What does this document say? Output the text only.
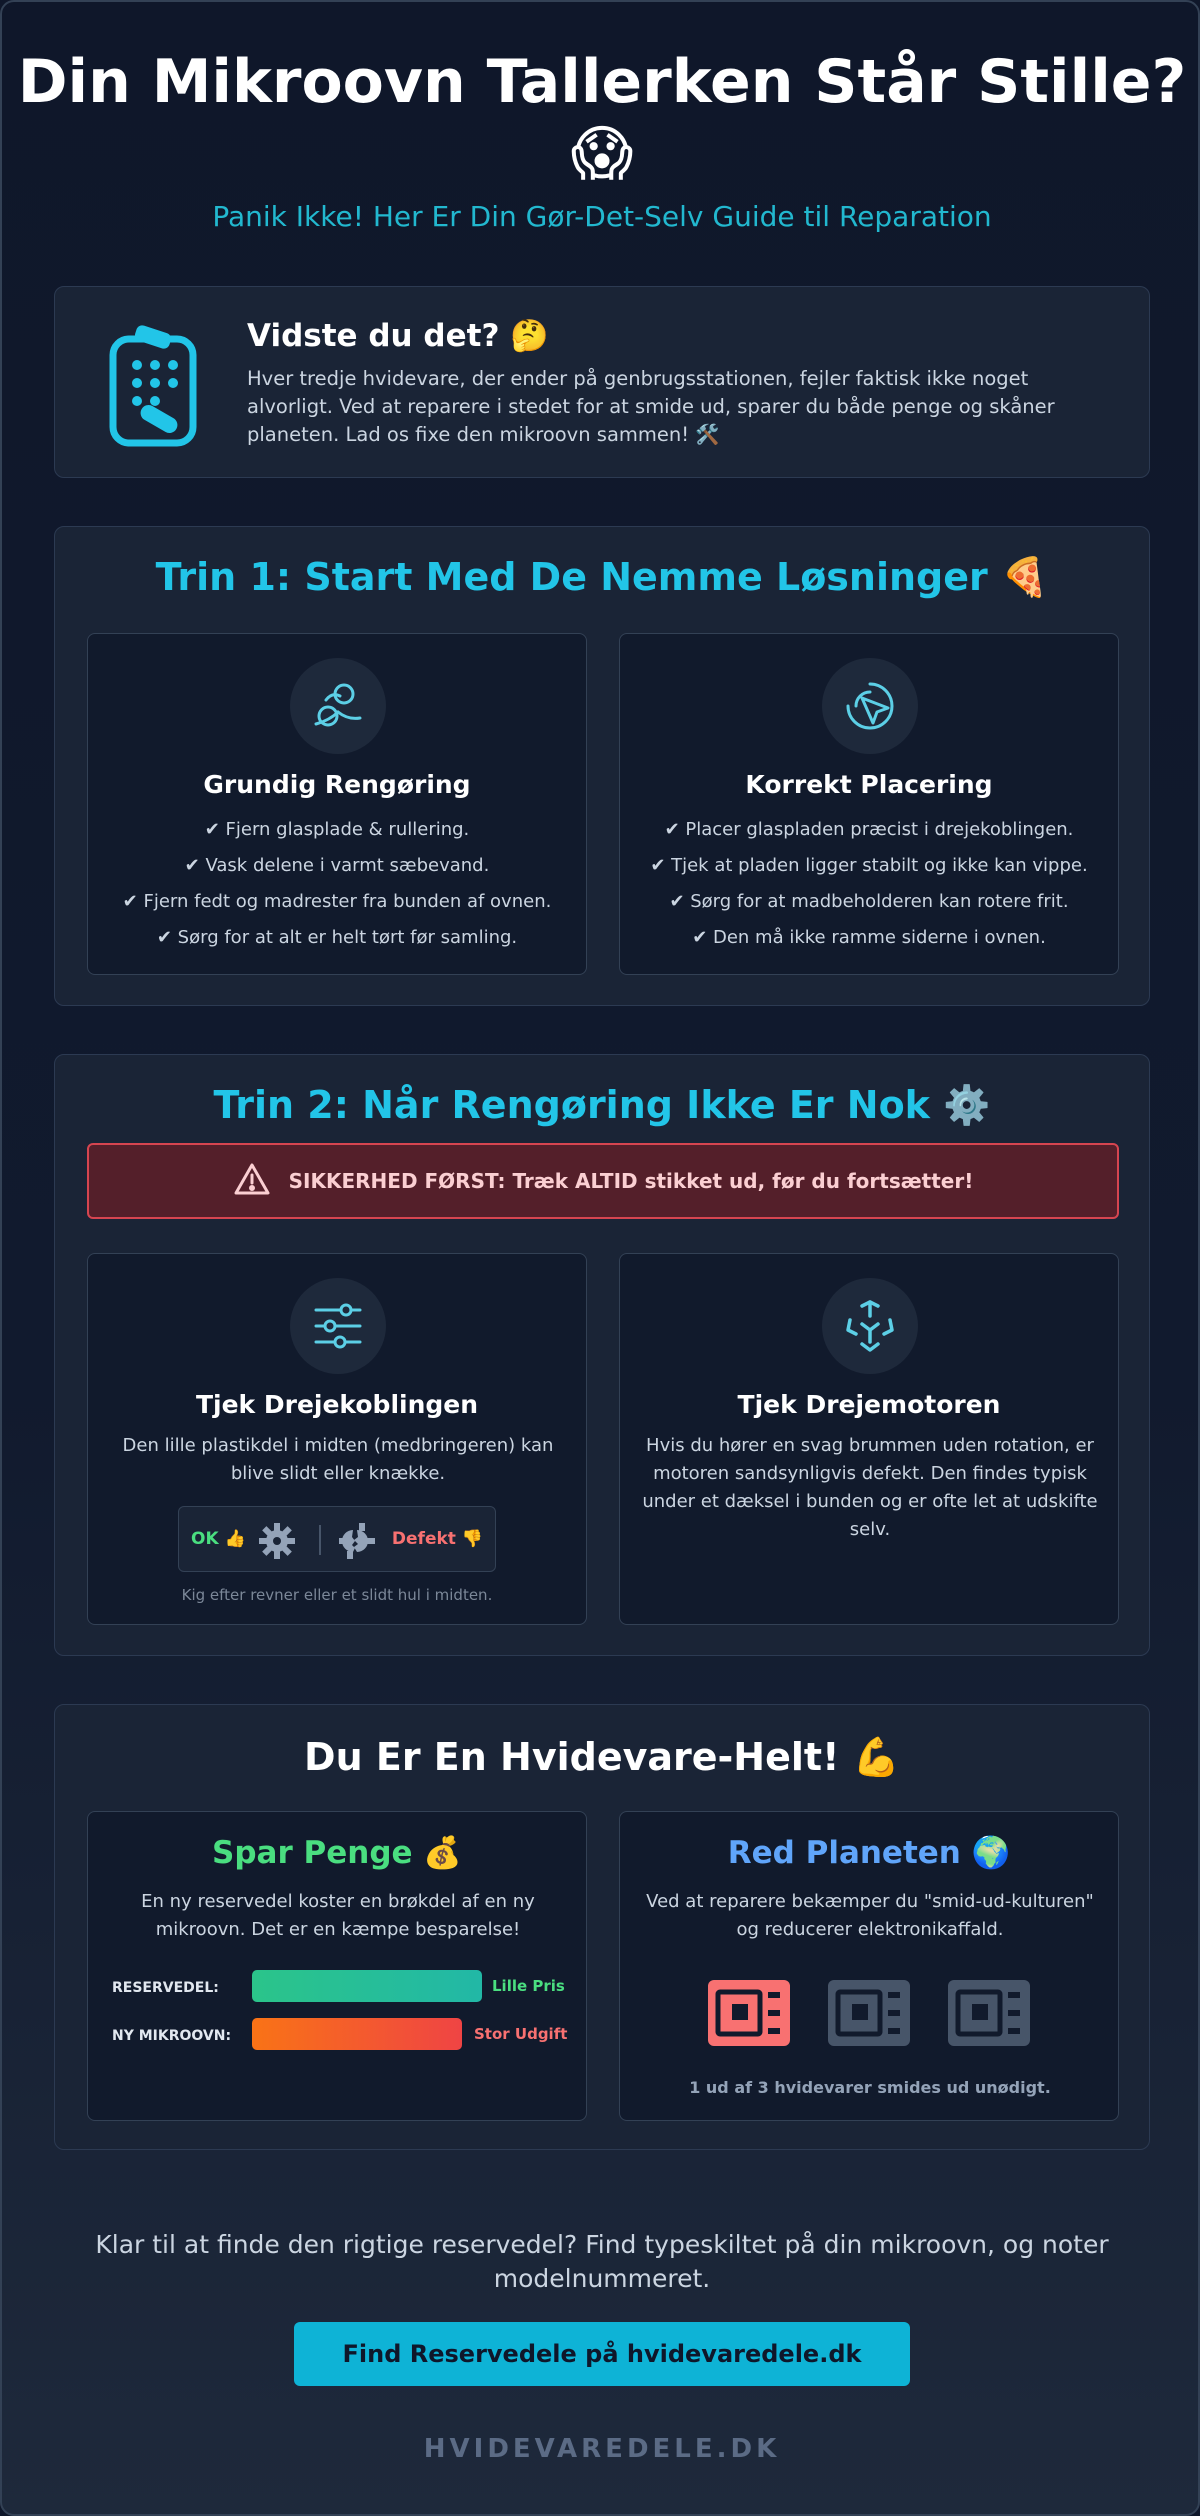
Din Mikroovn Tallerken Står Stille? 😱
Panik Ikke! Her Er Din Gør-Det-Selv Guide til Reparation
Vidste du det? 🤔
Hver tredje hvidevare, der ender på genbrugsstationen, fejler faktisk ikke noget alvorligt. Ved at reparere i stedet for at smide ud, sparer du både penge og skåner planeten. Lad os fixe den mikroovn sammen! 🛠️
Trin 1: Start Med De Nemme Løsninger 🍕
Grundig Rengøring
✔ Fjern glasplade & rullering.
✔ Vask delene i varmt sæbevand.
✔ Fjern fedt og madrester fra bunden af ovnen.
✔ Sørg for at alt er helt tørt før samling.
Korrekt Placering
✔ Placer glaspladen præcist i drejekoblingen.
✔ Tjek at pladen ligger stabilt og ikke kan vippe.
✔ Sørg for at madbeholderen kan rotere frit.
✔ Den må ikke ramme siderne i ovnen.
Trin 2: Når Rengøring Ikke Er Nok ⚙️
SIKKERHED FØRST: Træk ALTID stikket ud, før du fortsætter!
Tjek Drejekoblingen
Den lille plastikdel i midten (medbringeren) kan blive slidt eller knække.
OK 👍	Defekt 👎
Kig efter revner eller et slidt hul i midten.
Tjek Drejemotoren
Hvis du hører en svag brummen uden rotation, er motoren sandsynligvis defekt. Den findes typisk under et dæksel i bunden og er ofte let at udskifte selv.
Du Er En Hvidevare-Helt! 💪
Spar Penge 💰
En ny reservedel koster en brøkdel af en ny mikroovn. Det er en kæmpe besparelse!
RESERVEDEL:	Lille Pris
NY MIKROOVN:	Stor Udgift
Red Planeten 🌍
Ved at reparere bekæmper du "smid-ud-kulturen" og reducerer elektronikaffald.
1 ud af 3 hvidevarer smides ud unødigt.
Klar til at finde den rigtige reservedel? Find typeskiltet på din mikroovn, og noter modelnummeret.
Find Reservedele på hvidevaredele.dk
HVIDEVAREDELE.DK
